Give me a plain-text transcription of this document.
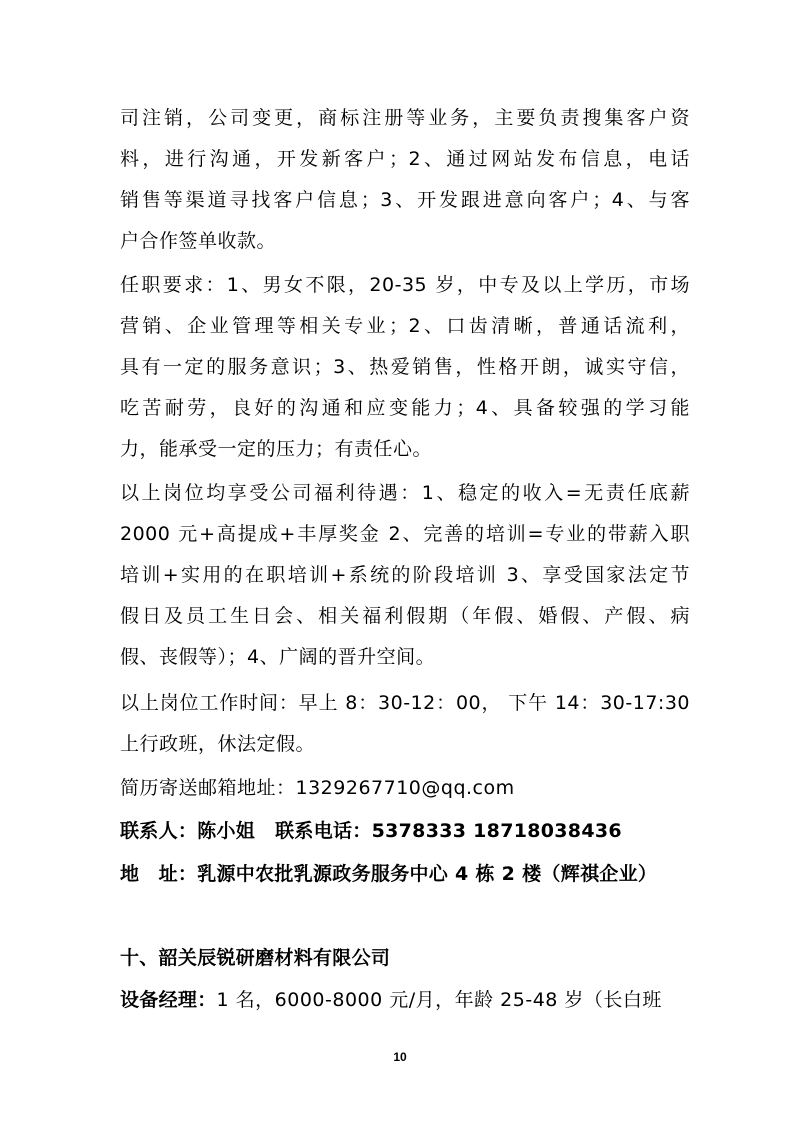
司注销，公司变更，商标注册等业务，主要负责搜集客户资
料，进行沟通，开发新客户；2、通过网站发布信息，电话
销售等渠道寻找客户信息；3、开发跟进意向客户；4、与客
户合作签单收款。
任职要求：1、男女不限，20-35 岁，中专及以上学历，市场
营销、企业管理等相关专业；2、口齿清晰，普通话流利，
具有一定的服务意识；3、热爱销售，性格开朗，诚实守信，
吃苦耐劳，良好的沟通和应变能力；4、具备较强的学习能
力，能承受一定的压力；有责任心。
以上岗位均享受公司福利待遇：1、稳定的收入=无责任底薪
2000 元+高提成+丰厚奖金 2、完善的培训=专业的带薪入职
培训+实用的在职培训+系统的阶段培训 3、享受国家法定节
假日及员工生日会、相关福利假期（年假、婚假、产假、病
假、丧假等）；4、广阔的晋升空间。
以上岗位工作时间：早上 8：30-12：00， 下午 14：30-17:30
上行政班，休法定假。
简历寄送邮箱地址：1329267710@qq.com
联系人：陈小姐 联系电话：5378333 18718038436
地　址：乳源中农批乳源政务服务中心 4 栋 2 楼（辉祺企业）
十、韶关辰锐研磨材料有限公司
设备经理：1 名，6000-8000 元/月，年龄 25-48 岁（长白班
10
